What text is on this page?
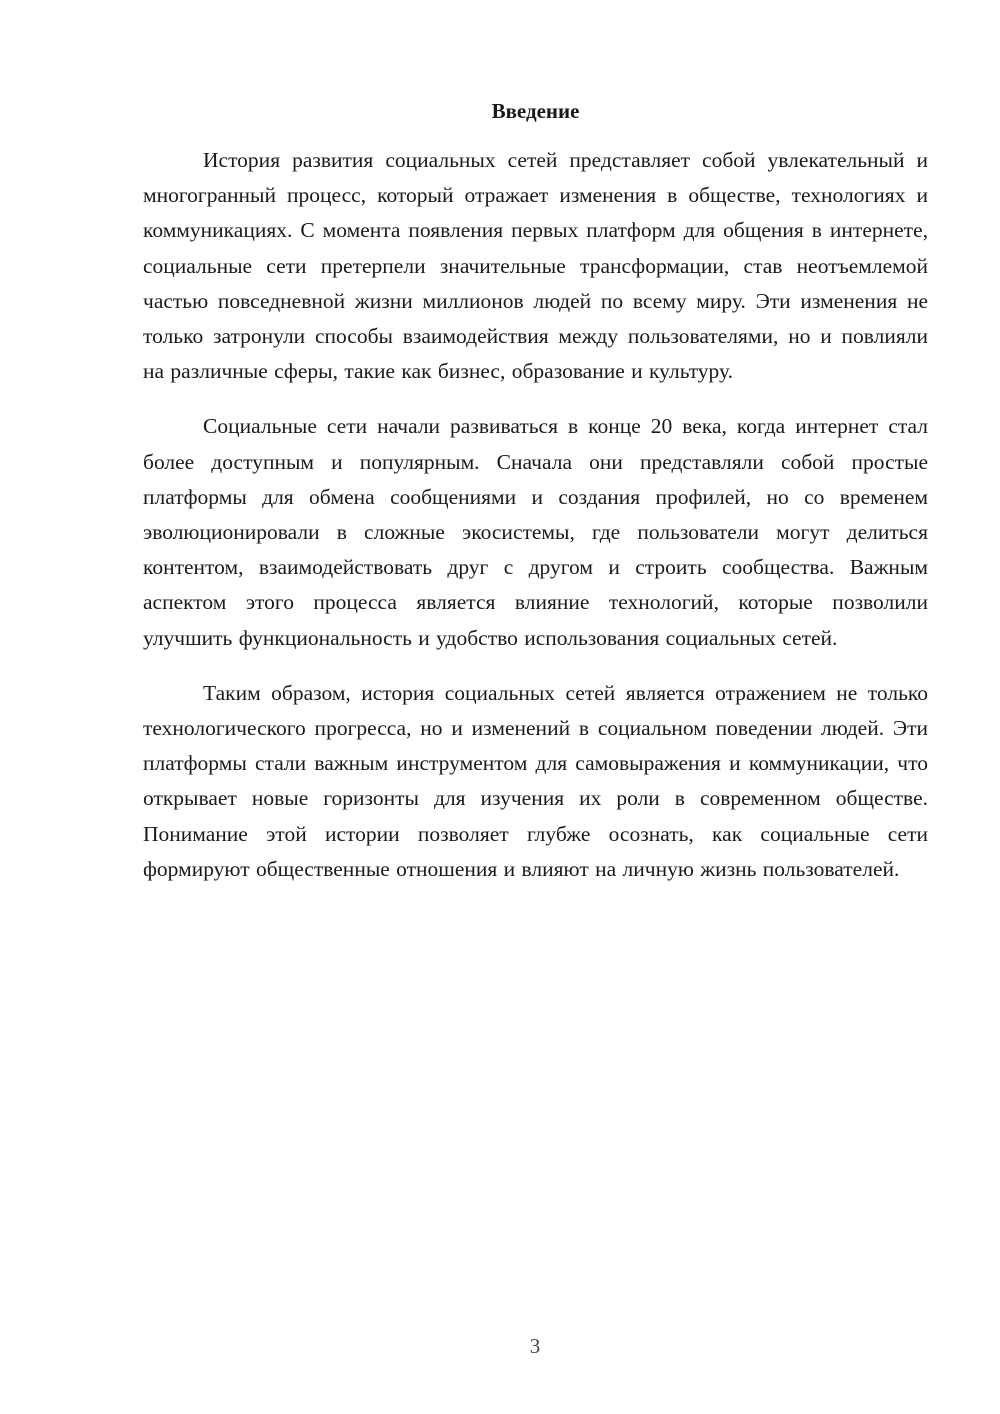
Введение

История развития социальных сетей представляет собой увлекательный и многогранный процесс, который отражает изменения в обществе, технологиях и коммуникациях. С момента появления первых платформ для общения в интернете, социальные сети претерпели значительные трансформации, став неотъемлемой частью повседневной жизни миллионов людей по всему миру. Эти изменения не только затронули способы взаимодействия между пользователями, но и повлияли на различные сферы, такие как бизнес, образование и культуру.

Социальные сети начали развиваться в конце 20 века, когда интернет стал более доступным и популярным. Сначала они представляли собой простые платформы для обмена сообщениями и создания профилей, но со временем эволюционировали в сложные экосистемы, где пользователи могут делиться контентом, взаимодействовать друг с другом и строить сообщества. Важным аспектом этого процесса является влияние технологий, которые позволили улучшить функциональность и удобство использования социальных сетей.

Таким образом, история социальных сетей является отражением не только технологического прогресса, но и изменений в социальном поведении людей. Эти платформы стали важным инструментом для самовыражения и коммуникации, что открывает новые горизонты для изучения их роли в современном обществе. Понимание этой истории позволяет глубже осознать, как социальные сети формируют общественные отношения и влияют на личную жизнь пользователей.

3
